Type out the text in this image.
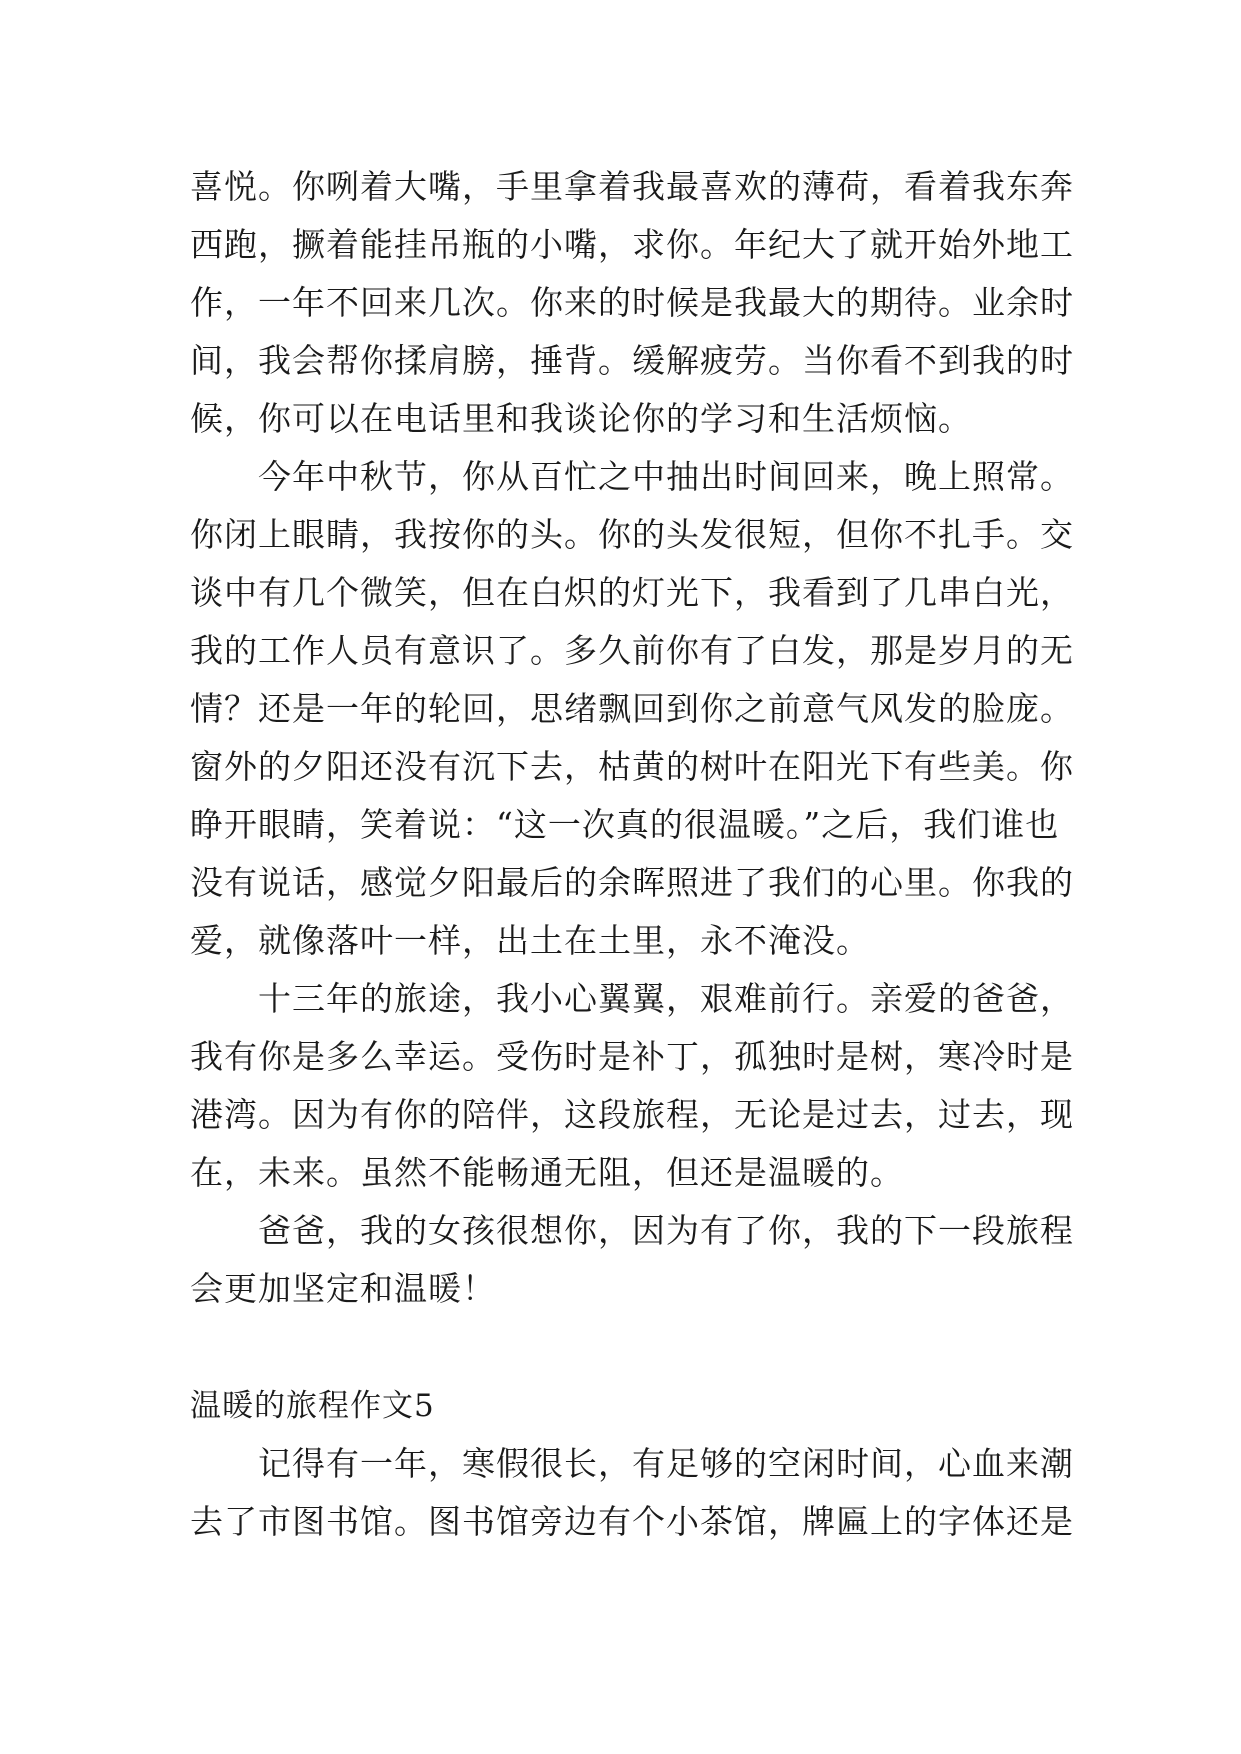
喜悦。你咧着大嘴，手里拿着我最喜欢的薄荷，看着我东奔
西跑，撅着能挂吊瓶的小嘴，求你。年纪大了就开始外地工
作，一年不回来几次。你来的时候是我最大的期待。业余时
间，我会帮你揉肩膀，捶背。缓解疲劳。当你看不到我的时
候，你可以在电话里和我谈论你的学习和生活烦恼。
　　今年中秋节，你从百忙之中抽出时间回来，晚上照常。
你闭上眼睛，我按你的头。你的头发很短，但你不扎手。交
谈中有几个微笑，但在白炽的灯光下，我看到了几串白光，
我的工作人员有意识了。多久前你有了白发，那是岁月的无
情？还是一年的轮回，思绪飘回到你之前意气风发的脸庞。
窗外的夕阳还没有沉下去，枯黄的树叶在阳光下有些美。你
睁开眼睛，笑着说：“这一次真的很温暖。”之后，我们谁也
没有说话，感觉夕阳最后的余晖照进了我们的心里。你我的
爱，就像落叶一样，出土在土里，永不淹没。
　　十三年的旅途，我小心翼翼，艰难前行。亲爱的爸爸，
我有你是多么幸运。受伤时是补丁，孤独时是树，寒冷时是
港湾。因为有你的陪伴，这段旅程，无论是过去，过去，现
在，未来。虽然不能畅通无阻，但还是温暖的。
　　爸爸，我的女孩很想你，因为有了你，我的下一段旅程
会更加坚定和温暖！
温暖的旅程作文5
　　记得有一年，寒假很长，有足够的空闲时间，心血来潮
去了市图书馆。图书馆旁边有个小茶馆，牌匾上的字体还是
